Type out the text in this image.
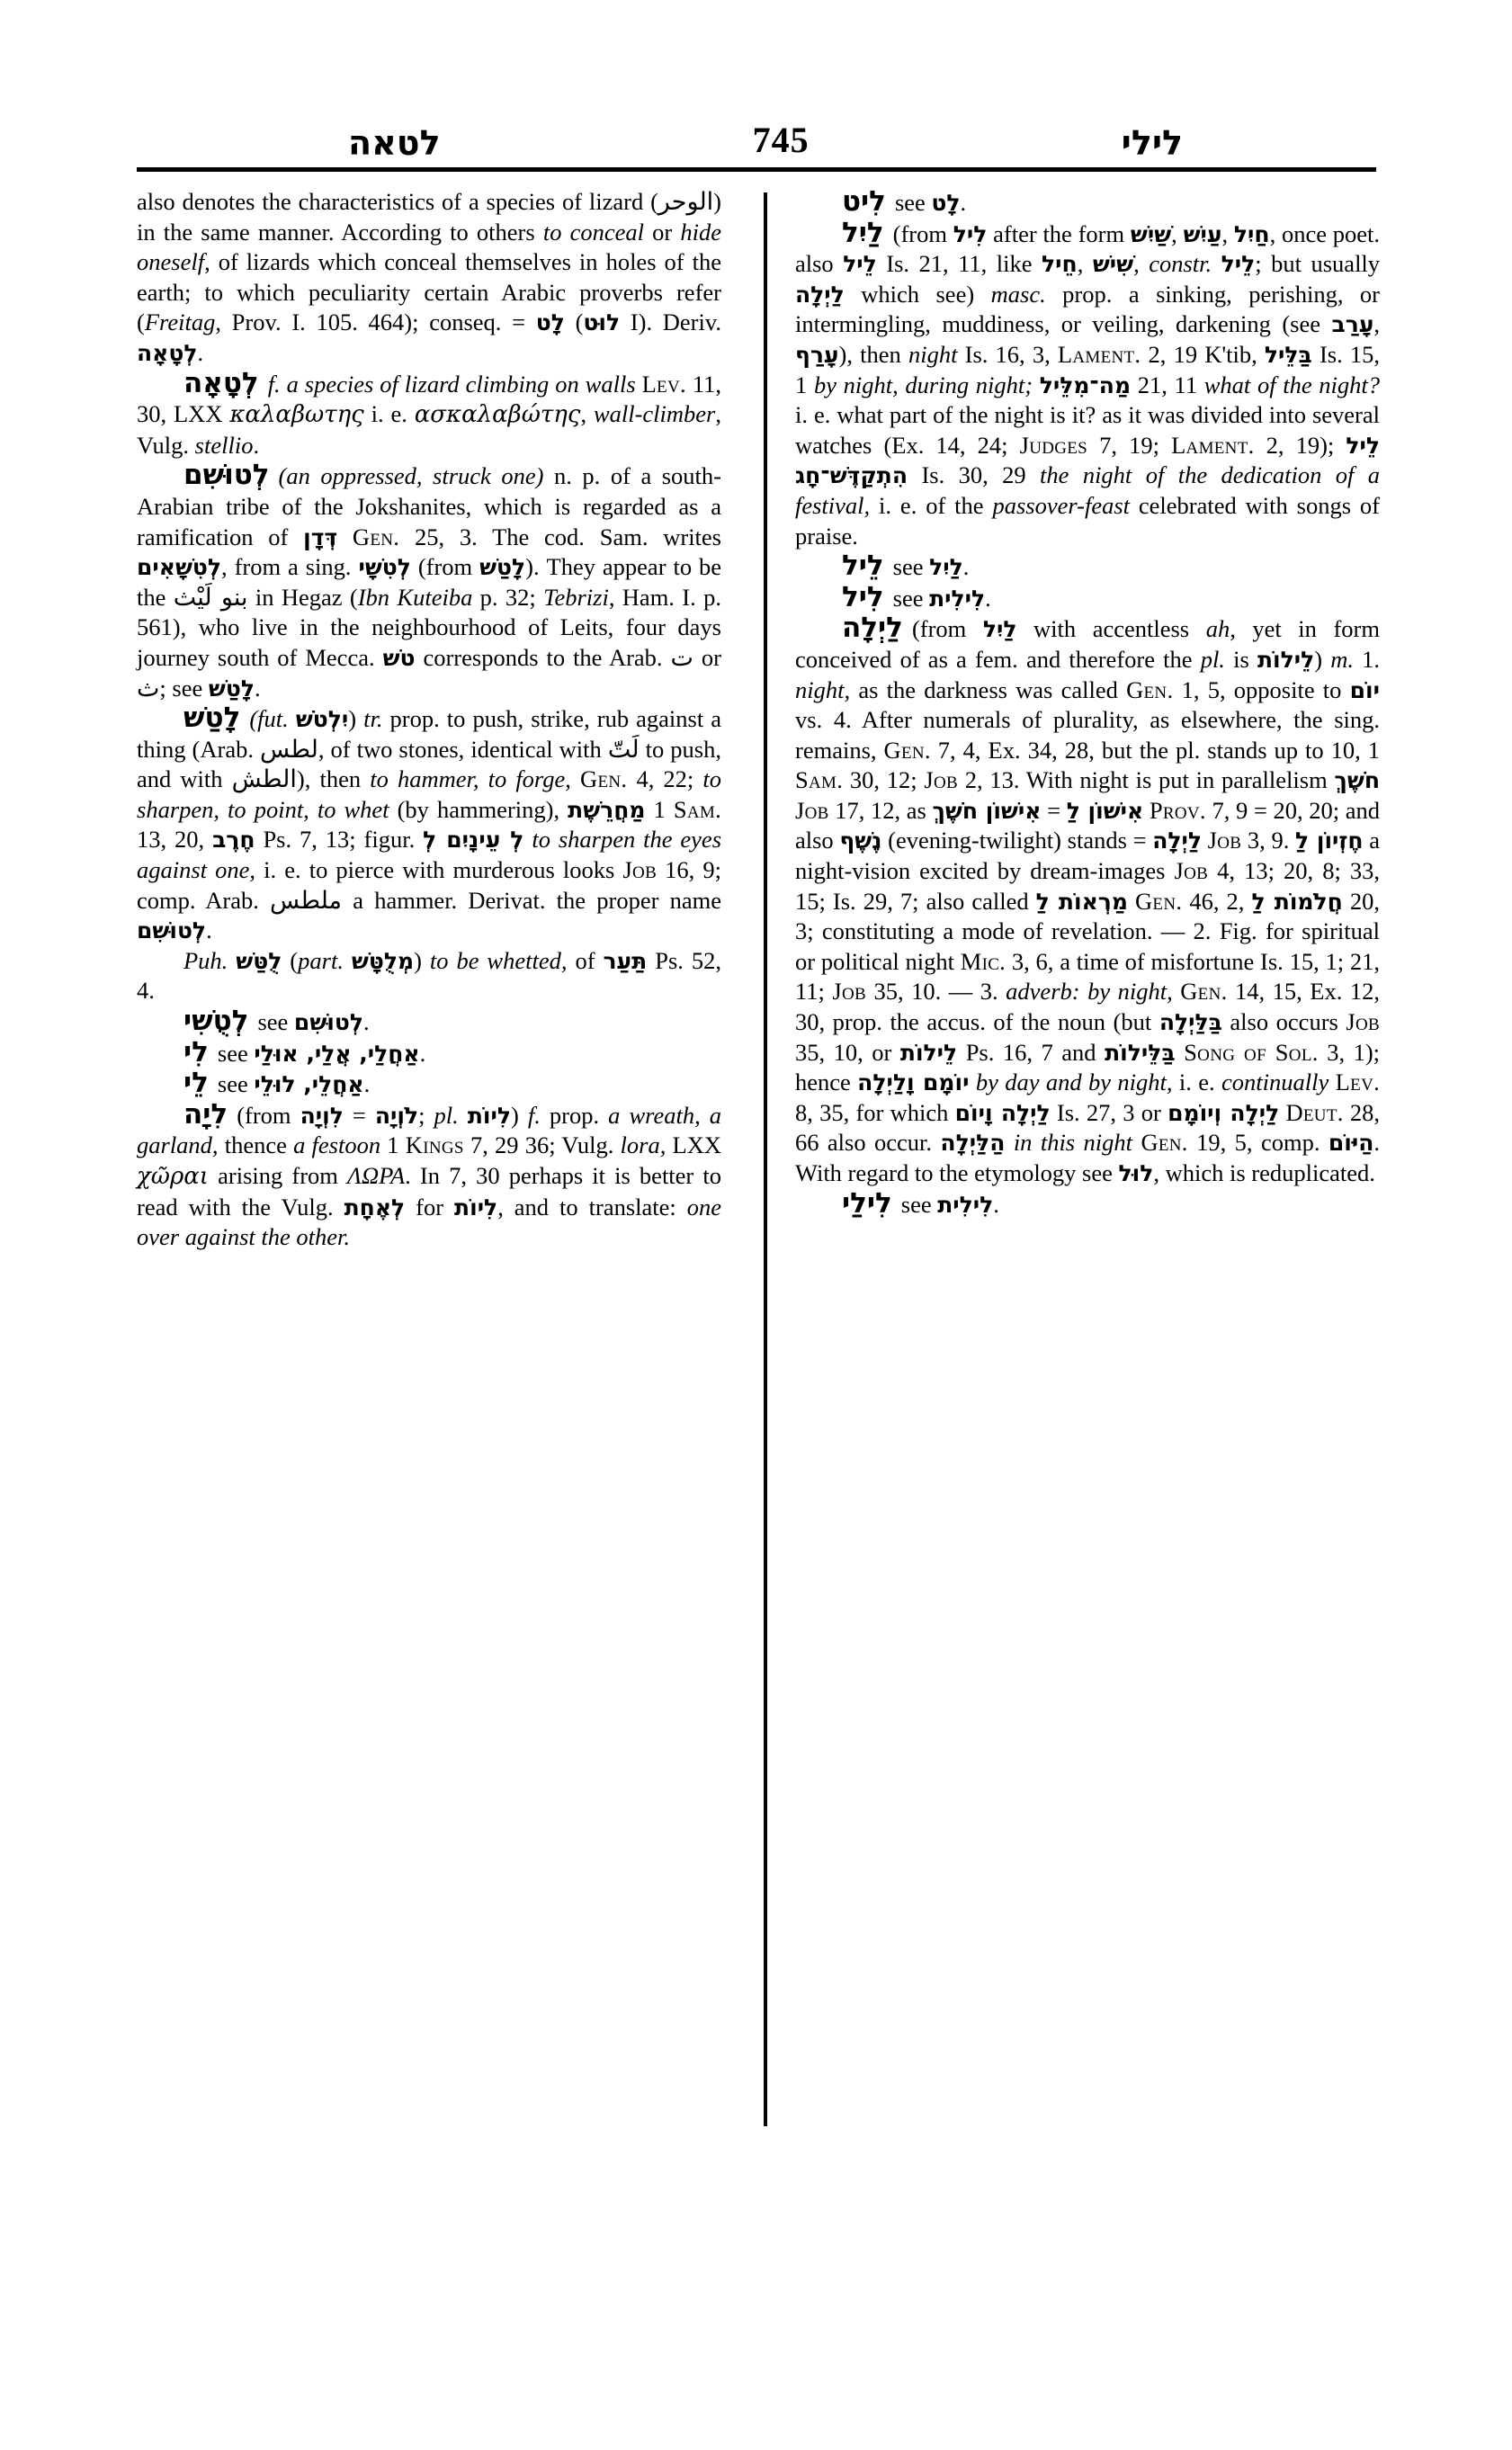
לטאה	745	לילי

also denotes the characteristics of a species of lizard (الوحر) in the same manner. According to others to conceal or hide oneself, of lizards which conceal themselves in holes of the earth; to which peculiarity certain Arabic proverbs refer (Freitag, Prov. I. 105. 464); conseq. = לָט (לוּט I). Deriv. לְטָאָה.

לְטָאָה f. a species of lizard climbing on walls Lev. 11, 30, LXX καλαβωτης i. e. ασκαλαβώτης, wall-climber, Vulg. stellio.

לְטוּשִׁם (an oppressed, struck one) n. p. of a south-Arabian tribe of the Jokshanites, which is regarded as a ramification of דְּדָן Gen. 25, 3. The cod. Sam. writes לְטִשָׁאִים, from a sing. לְטִשָׁי (from לָטַשׁ). They appear to be the بنو لَيْث in Hegaz (Ibn Kuteiba p. 32; Tebrizi, Ham. I. p. 561), who live in the neighbourhood of Leits, four days journey south of Mecca. טשׁ corresponds to the Arab. ت or ث; see לָטַשׁ.

לָטַשׁ (fut. יִלְטֹשׁ) tr. prop. to push, strike, rub against a thing (Arab. لطس, of two stones, identical with لَتّ to push, and with الطش), then to hammer, to forge, Gen. 4, 22; to sharpen, to point, to whet (by hammering), מַחֲרֵשֶׁת 1 Sam. 13, 20, חֶרֶב Ps. 7, 13; figur. לְ עֵינָיִם לְ to sharpen the eyes against one, i. e. to pierce with murderous looks Job 16, 9; comp. Arab. ملطس a hammer. Derivat. the proper name לְטוּשִׁם.

Puh. לֻטַּשׁ (part. מְלֻטָּשׁ) to be whetted, of תַּעַר Ps. 52, 4.

לְטֻשִׁי see לְטוּשִׁם.

לִי see אַחֲלַי, אֲלַי, אוּלַי.

לֵי see אַחֲלֵי, לוּלֵי.

לִיָה (from לִוְיָה = לֹוְיָה; pl. לִיוֹת) f. prop. a wreath, a garland, thence a festoon 1 Kings 7, 29 36; Vulg. lora, LXX χῶραι arising from ΛΩΡΑ. In 7, 30 perhaps it is better to read with the Vulg. לְאֶחָת for לִיוֹת, and to translate: one over against the other.

לִיט see לָט.

לַיִל (from לִיל after the form שַׁיִשׁ, עַיִשׁ, חַיִל, once poet. also לֵיל Is. 21, 11, like חֵיל, שִׁישׁ, constr. לֵיל; but usually לַיְלָה which see) masc. prop. a sinking, perishing, or intermingling, muddiness, or veiling, darkening (see עָרַב, עָרַף), then night Is. 16, 3, Lament. 2, 19 K'tib, בַּלֵּיל Is. 15, 1 by night, during night; מַה־מִלֵּיל 21, 11 what of the night? i. e. what part of the night is it? as it was divided into several watches (Ex. 14, 24; Judges 7, 19; Lament. 2, 19); לֵיל הִתְקַדֶּשׁ־חָג Is. 30, 29 the night of the dedication of a festival, i. e. of the passover-feast celebrated with songs of praise.

לֵיל see לַיִל.

לִיל see לִילִית.

לַיְלָה (from לַיִל with accentless ah, yet in form conceived of as a fem. and therefore the pl. is לֵילוֹת) m. 1. night, as the darkness was called Gen. 1, 5, opposite to יוֹם vs. 4. After numerals of plurality, as elsewhere, the sing. remains, Gen. 7, 4, Ex. 34, 28, but the pl. stands up to 10, 1 Sam. 30, 12; Job 2, 13. With night is put in parallelism חֹשֶׁךְ Job 17, 12, as אִישׁוֹן חֹשֶׁךְ = אִישׁוֹן לַ Prov. 7, 9 = 20, 20; and also נֶשֶׁף (evening-twilight) stands = לַיְלָה Job 3, 9. חֶזְיוֹן לַ a night-vision excited by dream-images Job 4, 13; 20, 8; 33, 15; Is. 29, 7; also called מַרְאוֹת לַ Gen. 46, 2, חֲלֹמוֹת לַ 20, 3; constituting a mode of revelation. — 2. Fig. for spiritual or political night Mic. 3, 6, a time of misfortune Is. 15, 1; 21, 11; Job 35, 10. — 3. adverb: by night, Gen. 14, 15, Ex. 12, 30, prop. the accus. of the noun (but בַּלַּיְלָה also occurs Job 35, 10, or לֵילוֹת Ps. 16, 7 and בַּלֵּילוֹת Song of Sol. 3, 1); hence יוֹמָם וָלַיְלָה by day and by night, i. e. continually Lev. 8, 35, for which לַיְלָה וָיוֹם Is. 27, 3 or לַיְלָה וְיוֹמָם Deut. 28, 66 also occur. הַלַּיְלָה in this night Gen. 19, 5, comp. הַיּוֹם. With regard to the etymology see לוּל, which is reduplicated.

לִילַי see לִילִית.
